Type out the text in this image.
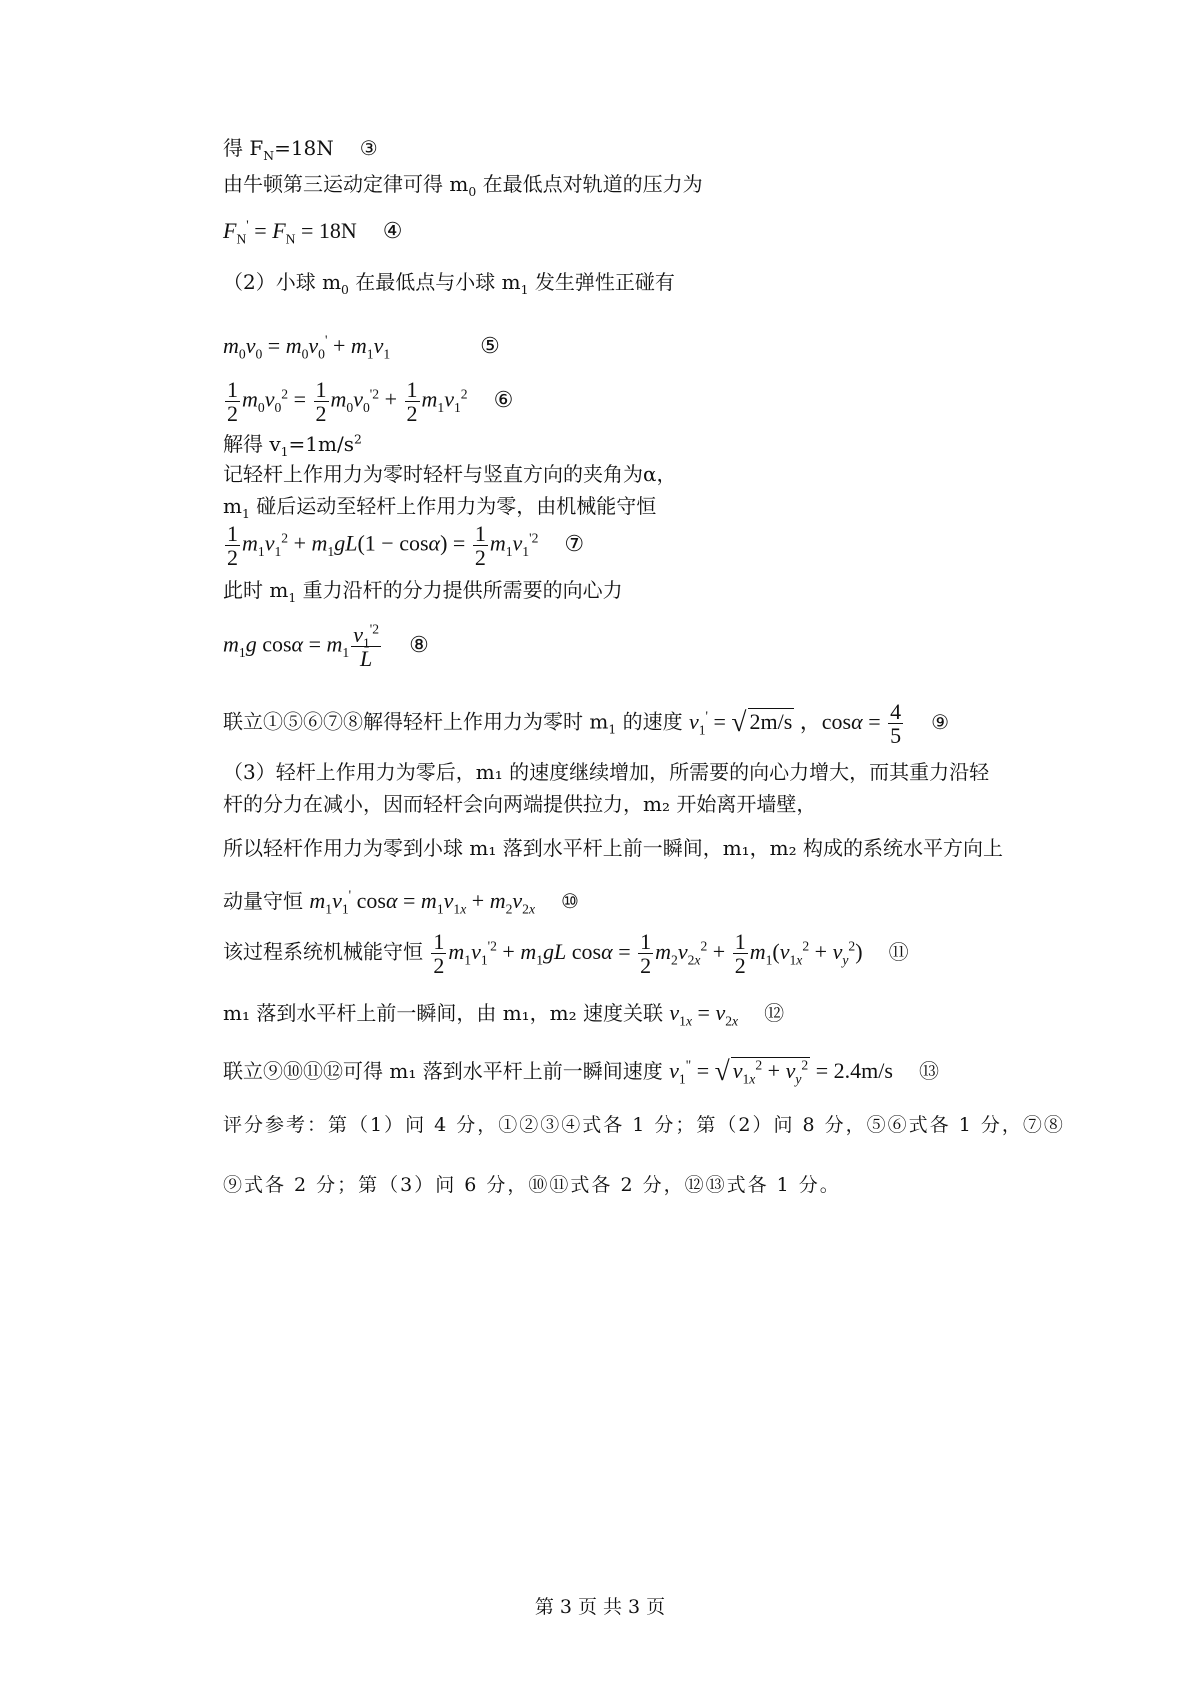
得 $F_N=18N$ ③
由牛顿第三运动定律可得 $m_0$ 在最低点对轨道的压力为
$F_N' = F_N = 18N$ ④
（2）小球 $m_0$ 在最低点与小球 $m_1$ 发生弹性正碰有
$m_0v_0 = m_0v_0' + m_1v_1$	⑤
$\frac{1}{2} m_0v_0^2 = \frac{1}{2} m_0v_0^{'2} + \frac{1}{2} m_1v_1^2$ ⑥
解得 $v_1=1m/s^2$
记轻杆上作用力为零时轻杆与竖直方向的夹角为α，
$m_1$ 碰后运动至轻杆上作用力为零，由机械能守恒
$\frac{1}{2} m_1v_1^2 + m_1gL(1 - \cos\alpha) = \frac{1}{2} m_1v_1^{'2}$ ⑦
此时 $m_1$ 重力沿杆的分力提供所需要的向心力
$m_1g$ $\cos\alpha = m_1 \frac{v_1^{'2}}{L}$ ⑧
联立①⑤⑥⑦⑧解得轻杆上作用力为零时 $m_1$ 的速度 $v_1'$ = √ 2m/s ，$\cos\alpha = \frac{4}{5}$ ⑨
（3）轻杆上作用力为零后，m₁ 的速度继续增加，所需要的向心力增大，而其重力沿轻
杆的分力在减小，因而轻杆会向两端提供拉力，m₂ 开始离开墙壁，
所以轻杆作用力为零到小球 m₁ 落到水平杆上前一瞬间，m₁，m₂ 构成的系统水平方向上
动量守恒 $m_1v_1'$ $\cos\alpha = m_1v_{1x} + m_2v_{2x}$ ⑩
该过程系统机械能守恒 $\frac{1}{2} m_1v_1^{'2} + m_1gL$ $\cos\alpha = \frac{1}{2} m_2v_{2x}^2 + \frac{1}{2} m_1(v_{1x}^2 + v_y^2)$ ⑪
m₁ 落到水平杆上前一瞬间，由 m₁，m₂ 速度关联 $v_{1x} = v_{2x}$ ⑫
联立⑨⑩⑪⑫可得 m₁ 落到水平杆上前一瞬间速度 $v_1^"$ = √ $v_{1x}^2 + v_y^2 = 2.4m/s$ ⑬
评分参考：第（1）问 4 分，①②③④式各 1 分；第（2）问 8 分，⑤⑥式各 1 分，⑦⑧
⑨式各 2 分；第（3）问 6 分，⑩⑪式各 2 分，⑫⑬式各 1 分。
第 3 页 共 3 页
